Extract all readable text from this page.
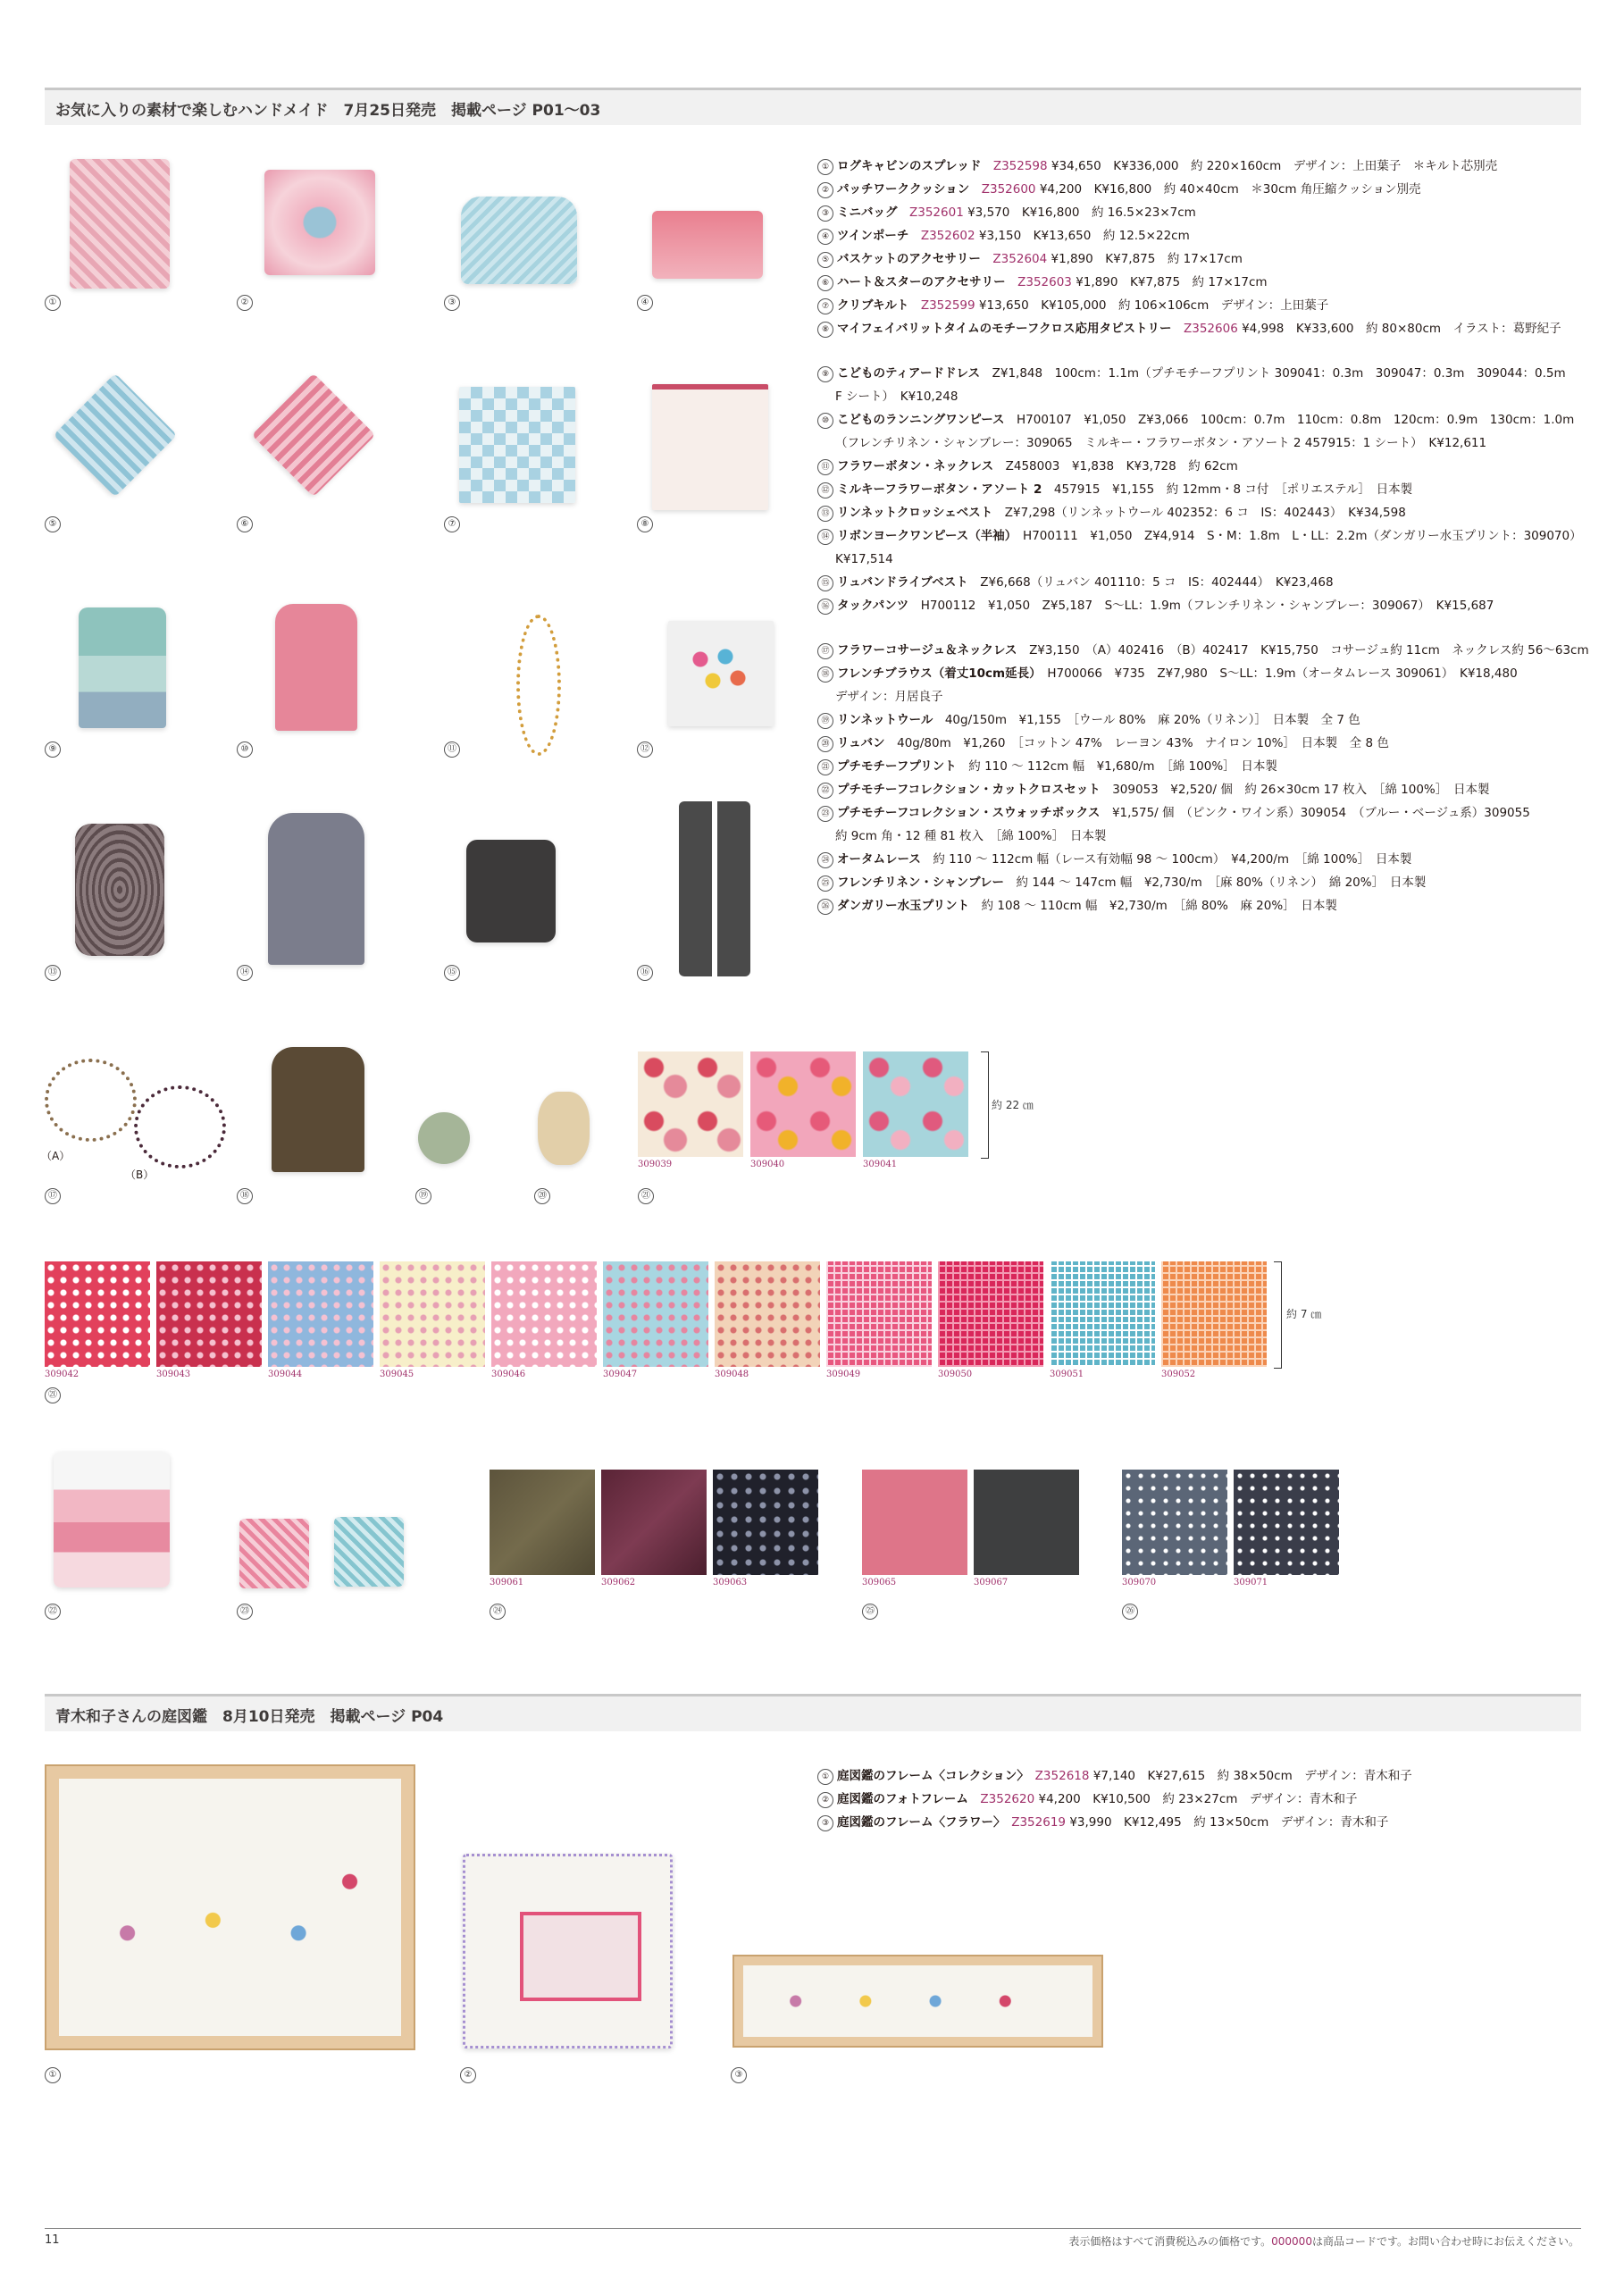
お気に入りの素材で楽しむハンドメイド　7月25日発売　掲載ページ P01〜03
①	②	③	④
⑤	⑥	⑦	⑧
⑨	⑩	⑪	⑫
⑬	⑭	⑮	⑯
① ログキャビンのスプレッド　 Z352598 ¥34,650　K¥336,000　約 220×160cm　デザイン：上田葉子　＊キルト芯別売
② パッチワーククッション　 Z352600 ¥4,200　K¥16,800　約 40×40cm　＊30cm 角圧縮クッション別売
③ ミニバッグ　 Z352601 ¥3,570　K¥16,800　約 16.5×23×7cm
④ ツインポーチ　 Z352602 ¥3,150　K¥13,650　約 12.5×22cm
⑤ バスケットのアクセサリー　 Z352604 ¥1,890　K¥7,875　約 17×17cm
⑥ ハート＆スターのアクセサリー　 Z352603 ¥1,890　K¥7,875　約 17×17cm
⑦ クリブキルト　 Z352599 ¥13,650　K¥105,000　約 106×106cm　デザイン：上田葉子
⑧ マイフェイバリットタイムのモチーフクロス応用タピストリー　 Z352606 ¥4,998　K¥33,600　約 80×80cm　イラスト：葛野紀子
⑨ こどものティアードドレス　 Z¥1,848　100cm：1.1m（プチモチーフプリント 309041：0.3m　309047：0.3m　309044：0.5m
F シート）　K¥10,248
⑩ こどものランニングワンピース　 H700107　¥1,050　Z¥3,066　100cm：0.7m　110cm：0.8m　120cm：0.9m　130cm：1.0m
（フレンチリネン・シャンブレー：309065　ミルキー・フラワーボタン・アソート 2 457915：1 シート）　K¥12,611
⑪ フラワーボタン・ネックレス　 Z458003　¥1,838　K¥3,728　約 62cm
⑫ ミルキーフラワーボタン・アソート 2　 457915　¥1,155　約 12mm・8 コ付　［ポリエステル］　日本製
⑬ リンネットクロッシェベスト　 Z¥7,298（リンネットウール 402352：6 コ　IS：402443）　K¥34,598
⑭ リボンヨークワンピース（半袖）　 H700111　¥1,050　Z¥4,914　S・M：1.8m　L・LL：2.2m（ダンガリー水玉プリント：309070）
K¥17,514
⑮ リュバンドライブベスト　 Z¥6,668（リュバン 401110：5 コ　IS：402444）　K¥23,468
⑯ タックパンツ　 H700112　¥1,050　Z¥5,187　S〜LL：1.9m（フレンチリネン・シャンブレー：309067）　K¥15,687
⑰ フラワーコサージュ＆ネックレス　 Z¥3,150　（A）402416　（B）402417　K¥15,750　コサージュ約 11cm　ネックレス約 56〜63cm
⑱ フレンチブラウス（着丈10cm延長）　 H700066　¥735　Z¥7,980　S〜LL：1.9m（オータムレース 309061）　K¥18,480
デザイン：月居良子
⑲ リンネットウール　 40g/150m　¥1,155　［ウール 80%　麻 20%（リネン）］　日本製　全 7 色
⑳ リュバン　 40g/80m　¥1,260　［コットン 47%　レーヨン 43%　ナイロン 10%］　日本製　全 8 色
㉑ プチモチーフプリント　 約 110 〜 112cm 幅　¥1,680/m　［綿 100%］　日本製
㉒ プチモチーフコレクション・カットクロスセット　 309053　¥2,520/ 個　約 26×30cm 17 枚入　［綿 100%］　日本製
㉓ プチモチーフコレクション・スウォッチボックス　 ¥1,575/ 個　（ピンク・ワイン系）309054　（ブルー・ベージュ系）309055
約 9cm 角・12 種 81 枚入　［綿 100%］　日本製
㉔ オータムレース　 約 110 〜 112cm 幅（レース有効幅 98 〜 100cm）　¥4,200/m　［綿 100%］　日本製
㉕ フレンチリネン・シャンブレー　 約 144 〜 147cm 幅　¥2,730/m　［麻 80%（リネン）　綿 20%］　日本製
㉖ ダンガリー水玉プリント　 約 108 〜 110cm 幅　¥2,730/m　［綿 80%　麻 20%］　日本製
（A）
（B）
⑰	⑱	⑲	⑳
309039	309040	309041
約 22 ㎝
㉑
309042	309043	309044	309045	309046	309047	309048	309049	309050	309051	309052
約 7 ㎝
㉑
㉒	㉓
309061	309062	309063
㉔
309065	309067
㉕
309070	309071
㉖
青木和子さんの庭図鑑　8月10日発売　掲載ページ P04
①	②	③
① 庭図鑑のフレーム〈コレクション〉　 Z352618 ¥7,140　K¥27,615　約 38×50cm　デザイン：青木和子
② 庭図鑑のフォトフレーム　 Z352620 ¥4,200　K¥10,500　約 23×27cm　デザイン：青木和子
③ 庭図鑑のフレーム〈フラワー〉　 Z352619 ¥3,990　K¥12,495　約 13×50cm　デザイン：青木和子
11	表示価格はすべて消費税込みの価格です。000000は商品コードです。お問い合わせ時にお伝えください。
